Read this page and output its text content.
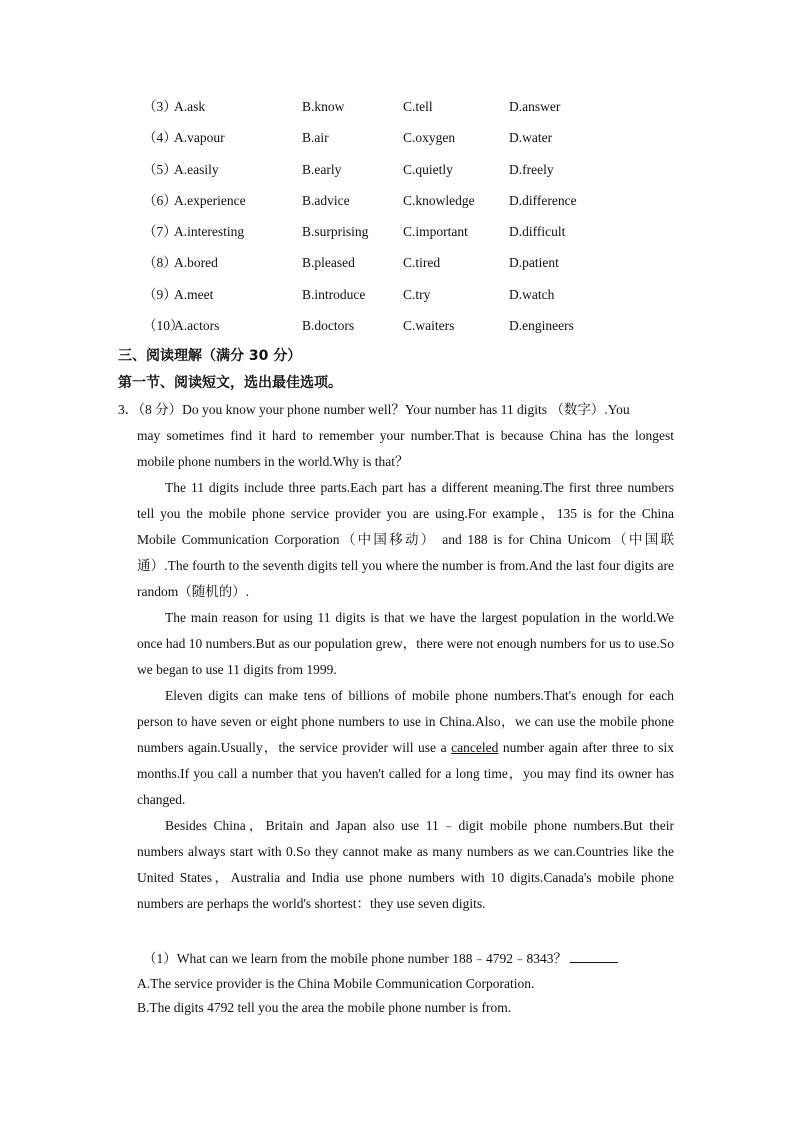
（3）
A.ask	B.know	C.tell	D.answer
（4）
A.vapour	B.air	C.oxygen	D.water
（5）
A.easily	B.early	C.quietly	D.freely
（6）
A.experience	B.advice	C.knowledge	D.difference
（7）
A.interesting	B.surprising	C.important	D.difficult
（8）
A.bored	B.pleased	C.tired	D.patient
（9）
A.meet	B.introduce	C.try	D.watch
（10）
A.actors	B.doctors	C.waiters	D.engineers
三、阅读理解（满分 30 分）
第一节、阅读短文，选出最佳选项。
3．（8 分）Do you know your phone number well？Your number has 11 digits （数字）.You

may sometimes find it hard to remember your number.That is because China has the longest mobile phone numbers in the world.Why is that？

The 11 digits include three parts.Each part has a different meaning.The first three numbers tell you the mobile phone service provider you are using.For example，135 is for the China Mobile Communication Corporation（中国移动） and 188 is for China Unicom（中国联通）.The fourth to the seventh digits tell you where the number is from.And the last four digits are random（随机的）.

The main reason for using 11 digits is that we have the largest population in the world.We once had 10 numbers.But as our population grew，there were not enough numbers for us to use.So we began to use 11 digits from 1999.

Eleven digits can make tens of billions of mobile phone numbers.That's enough for each person to have seven or eight phone numbers to use in China.Also，we can use the mobile phone numbers again.Usually，the service provider will use a canceled number again after three to six months.If you call a number that you haven't called for a long time，you may find its owner has changed.

Besides China，Britain and Japan also use 11﹣digit mobile phone numbers.But their numbers always start with 0.So they cannot make as many numbers as we can.Countries like the United States，Australia and India use phone numbers with 10 digits.Canada's mobile phone numbers are perhaps the world's shortest：they use seven digits.

（1）What can we learn from the mobile phone number 188﹣4792﹣8343？
A.The service provider is the China Mobile Communication Corporation.
B.The digits 4792 tell you the area the mobile phone number is from.
